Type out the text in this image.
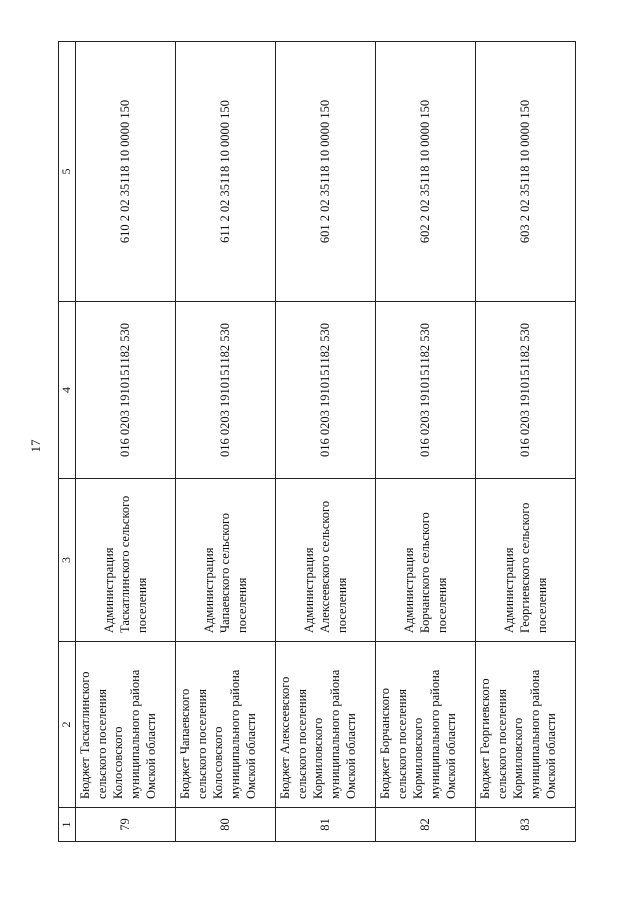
17
1	2	3	4	5
79	Бюджет Таскатлинского сельского поселения Колосовского муниципального района Омской области	Администрация Таскатлинского сельского поселения	016 0203 1910151182 530	610 2 02 35118 10 0000 150
80	Бюджет Чапаевского сельского поселения Колосовского муниципального района Омской области	Администрация Чапаевского сельского поселения	016 0203 1910151182 530	611 2 02 35118 10 0000 150
81	Бюджет Алексеевского сельского поселения Кормиловского муниципального района Омской области	Администрация Алексеевского сельского поселения	016 0203 1910151182 530	601 2 02 35118 10 0000 150
82	Бюджет Борчанского сельского поселения Кормиловского муниципального района Омской области	Администрация Борчанского сельского поселения	016 0203 1910151182 530	602 2 02 35118 10 0000 150
83	Бюджет Георгиевского сельского поселения Кормиловского муниципального района Омской области	Администрация Георгиевского сельского поселения	016 0203 1910151182 530	603 2 02 35118 10 0000 150
